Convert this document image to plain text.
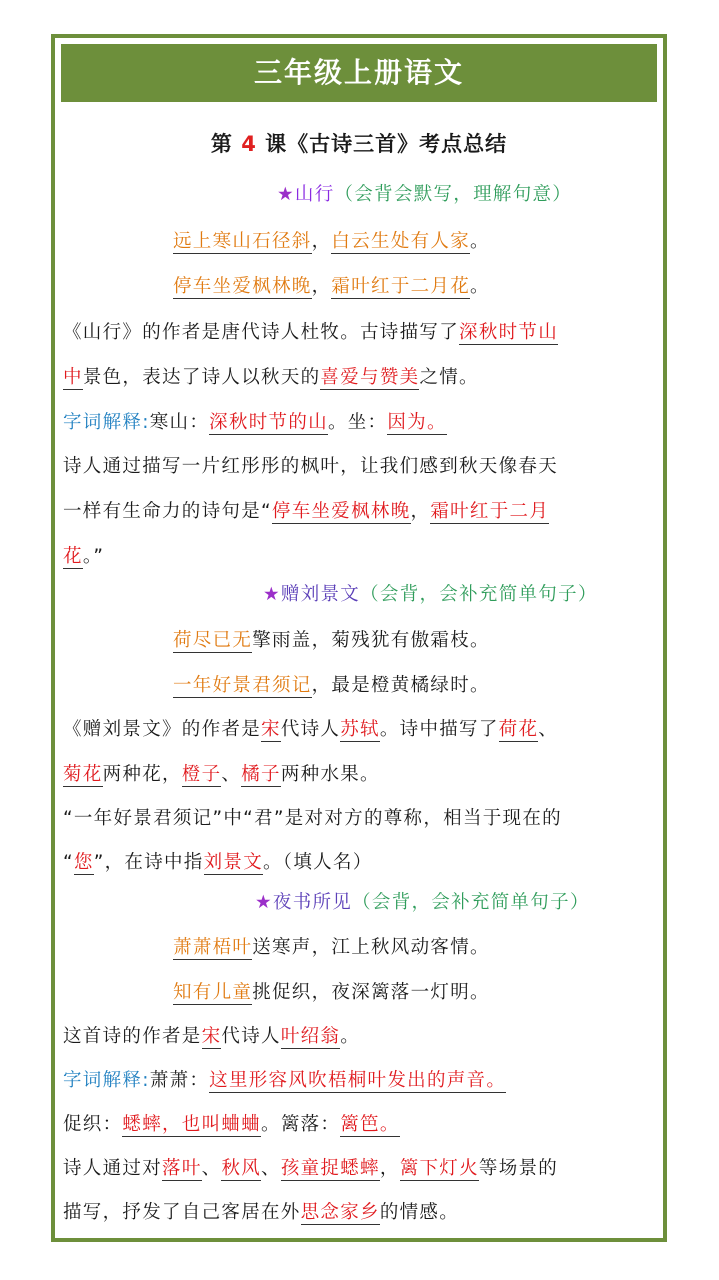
三年级上册语文
第 4 课《古诗三首》考点总结
★山行（会背会默写，理解句意）
远上寒山石径斜，白云生处有人家。
停车坐爱枫林晚，霜叶红于二月花。
《山行》的作者是唐代诗人杜牧。古诗描写了深秋时节山
中景色，表达了诗人以秋天的喜爱与赞美之情。
字词解释:寒山：深秋时节的山。坐：因为。
诗人通过描写一片红彤彤的枫叶，让我们感到秋天像春天
一样有生命力的诗句是“停车坐爱枫林晚，霜叶红于二月
花。”
★赠刘景文（会背，会补充简单句子）
荷尽已无擎雨盖，菊残犹有傲霜枝。
一年好景君须记，最是橙黄橘绿时。
《赠刘景文》的作者是宋代诗人苏轼。诗中描写了荷花、
菊花两种花，橙子、橘子两种水果。
“一年好景君须记”中“君”是对对方的尊称，相当于现在的
“您”，在诗中指刘景文。（填人名）
★夜书所见（会背，会补充简单句子）
萧萧梧叶送寒声，江上秋风动客情。
知有儿童挑促织，夜深篱落一灯明。
这首诗的作者是宋代诗人叶绍翁。
字词解释:萧萧：这里形容风吹梧桐叶发出的声音。
促织：蟋蟀，也叫蛐蛐。篱落：篱笆。
诗人通过对落叶、秋风、孩童捉蟋蟀，篱下灯火等场景的
描写，抒发了自己客居在外思念家乡的情感。
